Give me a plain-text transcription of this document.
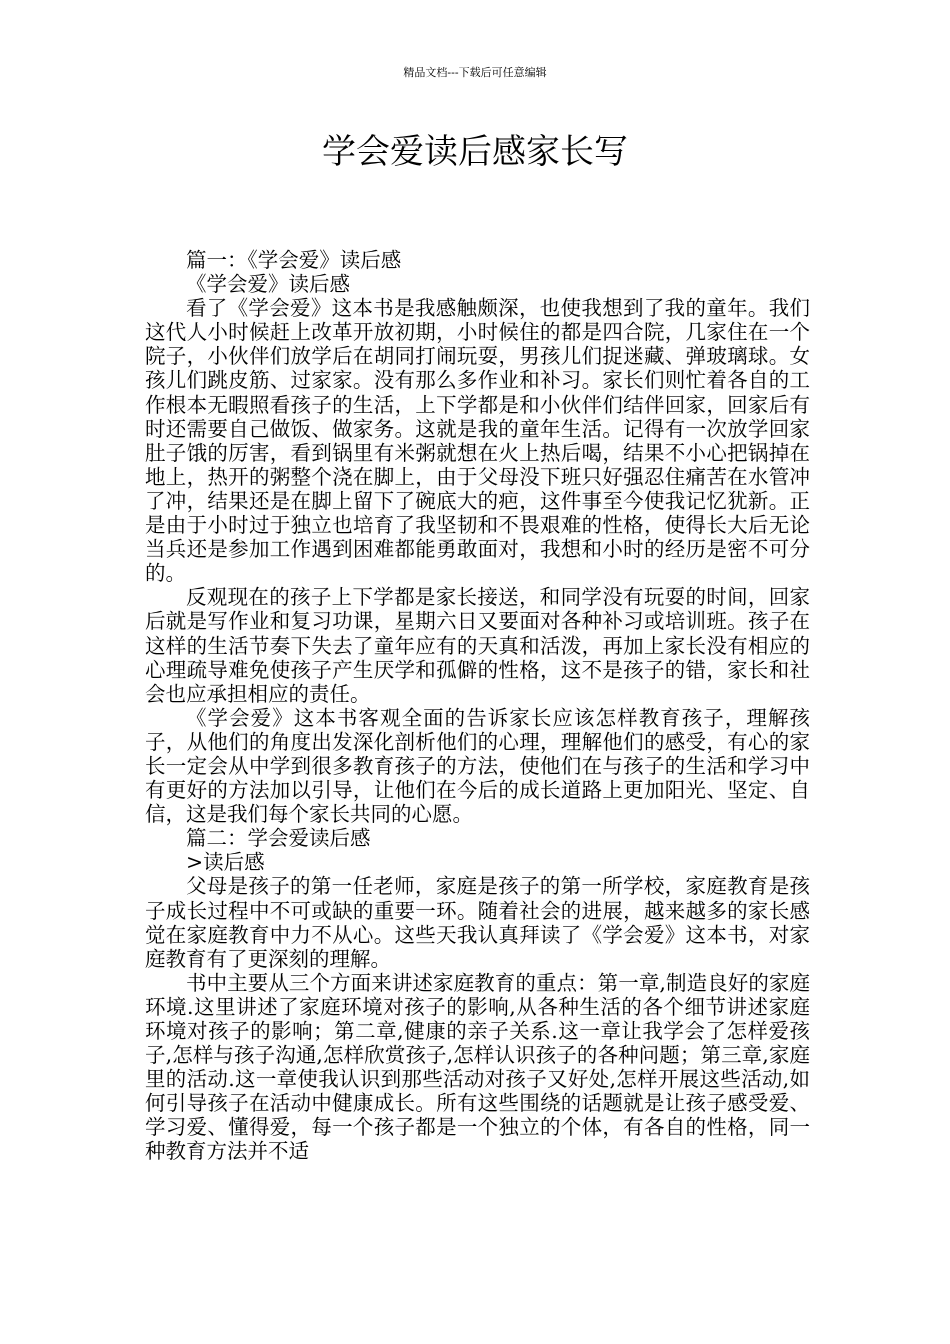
精品文档---下载后可任意编辑
学会爱读后感家长写

篇一：《学会爱》读后感

《学会爱》读后感

看了《学会爱》这本书是我感触颇深，也使我想到了我的童年。我们这代人小时候赶上改革开放初期，小时候住的都是四合院，几家住在一个院子，小伙伴们放学后在胡同打闹玩耍，男孩儿们捉迷藏、弹玻璃球。女孩儿们跳皮筋、过家家。没有那么多作业和补习。家长们则忙着各自的工作根本无暇照看孩子的生活，上下学都是和小伙伴们结伴回家，回家后有时还需要自己做饭、做家务。这就是我的童年生活。记得有一次放学回家肚子饿的厉害，看到锅里有米粥就想在火上热后喝，结果不小心把锅掉在地上，热开的粥整个浇在脚上，由于父母没下班只好强忍住痛苦在水管冲了冲，结果还是在脚上留下了碗底大的疤，这件事至今使我记忆犹新。正是由于小时过于独立也培育了我坚韧和不畏艰难的性格，使得长大后无论当兵还是参加工作遇到困难都能勇敢面对，我想和小时的经历是密不可分的。

反观现在的孩子上下学都是家长接送，和同学没有玩耍的时间，回家后就是写作业和复习功课，星期六日又要面对各种补习或培训班。孩子在这样的生活节奏下失去了童年应有的天真和活泼，再加上家长没有相应的心理疏导难免使孩子产生厌学和孤僻的性格，这不是孩子的错，家长和社会也应承担相应的责任。

《学会爱》这本书客观全面的告诉家长应该怎样教育孩子，理解孩子，从他们的角度出发深化剖析他们的心理，理解他们的感受，有心的家长一定会从中学到很多教育孩子的方法，使他们在与孩子的生活和学习中有更好的方法加以引导，让他们在今后的成长道路上更加阳光、坚定、自信，这是我们每个家长共同的心愿。

篇二：学会爱读后感

>读后感

父母是孩子的第一任老师，家庭是孩子的第一所学校，家庭教育是孩子成长过程中不可或缺的重要一环。随着社会的进展，越来越多的家长感觉在家庭教育中力不从心。这些天我认真拜读了《学会爱》这本书，对家庭教育有了更深刻的理解。

书中主要从三个方面来讲述家庭教育的重点：第一章,制造良好的家庭环境.这里讲述了家庭环境对孩子的影响,从各种生活的各个细节讲述家庭环境对孩子的影响；第二章,健康的亲子关系.这一章让我学会了怎样爱孩子,怎样与孩子沟通,怎样欣赏孩子,怎样认识孩子的各种问题；第三章,家庭里的活动.这一章使我认识到那些活动对孩子又好处,怎样开展这些活动,如何引导孩子在活动中健康成长。所有这些围绕的话题就是让孩子感受爱、学习爱、懂得爱，每一个孩子都是一个独立的个体，有各自的性格，同一种教育方法并不适
